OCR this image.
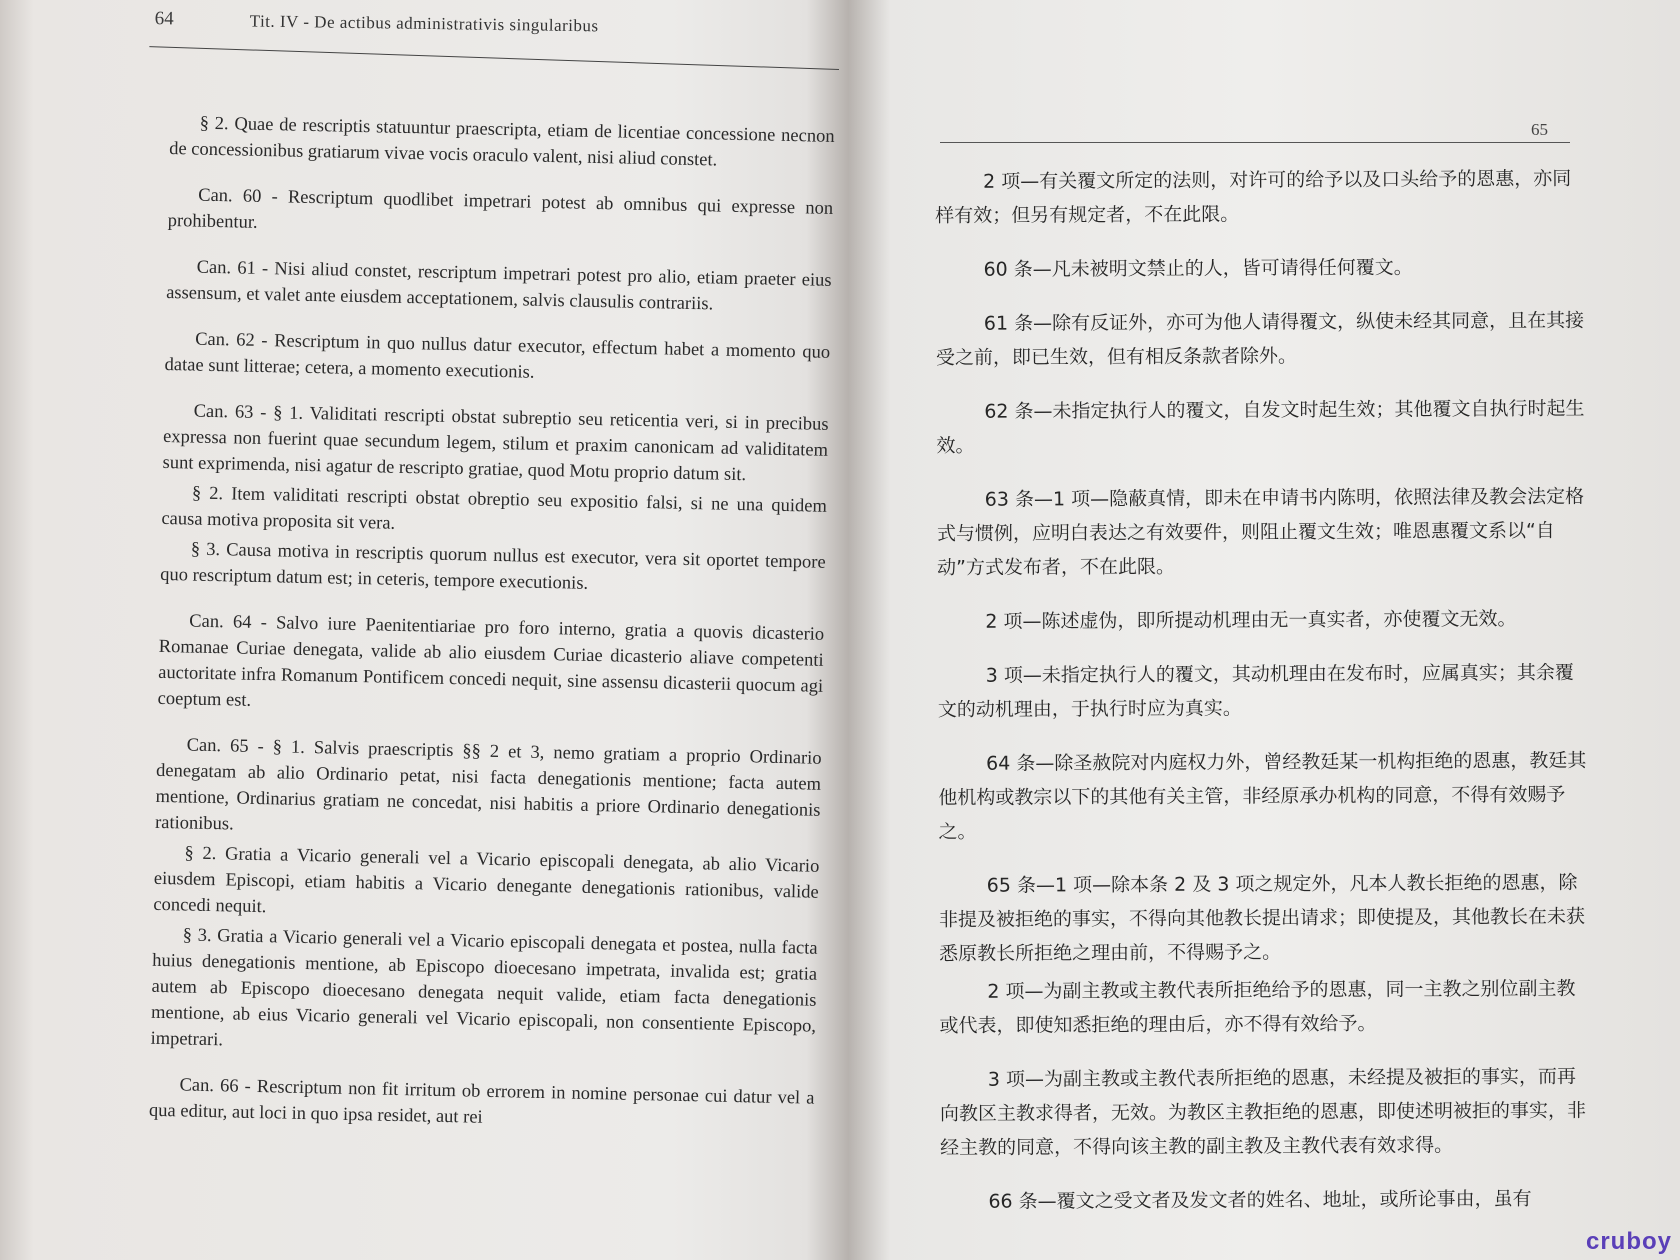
64	Tit. IV - De actibus administrativis singularibus

§ 2. Quae de rescriptis statuuntur praescripta, etiam de licentiae concessione necnon de concessionibus gratiarum vivae vocis oraculo valent, nisi aliud constet.

Can. 60 - Rescriptum quodlibet impetrari potest ab omnibus qui expresse non prohibentur.

Can. 61 - Nisi aliud constet, rescriptum impetrari potest pro alio, etiam praeter eius assensum, et valet ante eiusdem acceptationem, salvis clausulis contrariis.

Can. 62 - Rescriptum in quo nullus datur executor, effectum habet a momento quo datae sunt litterae; cetera, a momento executionis.

Can. 63 - § 1. Validitati rescripti obstat subreptio seu reticentia veri, si in precibus expressa non fuerint quae secundum legem, stilum et praxim canonicam ad validitatem sunt exprimenda, nisi agatur de rescripto gratiae, quod Motu proprio datum sit.

§ 2. Item validitati rescripti obstat obreptio seu expositio falsi, si ne una quidem causa motiva proposita sit vera.

§ 3. Causa motiva in rescriptis quorum nullus est executor, vera sit oportet tempore quo rescriptum datum est; in ceteris, tempore executionis.

Can. 64 - Salvo iure Paenitentiariae pro foro interno, gratia a quovis dicasterio Romanae Curiae denegata, valide ab alio eiusdem Curiae dicasterio aliave competenti auctoritate infra Romanum Pontificem concedi nequit, sine assensu dicasterii quocum agi coeptum est.

Can. 65 - § 1. Salvis praescriptis §§ 2 et 3, nemo gratiam a proprio Ordinario denegatam ab alio Ordinario petat, nisi facta denegationis mentione; facta autem mentione, Ordinarius gratiam ne concedat, nisi habitis a priore Ordinario denegationis rationibus.

§ 2. Gratia a Vicario generali vel a Vicario episcopali denegata, ab alio Vicario eiusdem Episcopi, etiam habitis a Vicario denegante denegationis rationibus, valide concedi nequit.

§ 3. Gratia a Vicario generali vel a Vicario episcopali denegata et postea, nulla facta huius denegationis mentione, ab Episcopo dioecesano impetrata, invalida est; gratia autem ab Episcopo dioecesano denegata nequit valide, etiam facta denegationis mentione, ab eius Vicario generali vel Vicario episcopali, non consentiente Episcopo, impetrari.

Can. 66 - Rescriptum non fit irritum ob errorem in nomine personae cui datur vel a qua editur, aut loci in quo ipsa residet, aut rei

65

2 项—有关覆文所定的法则，对许可的给予以及口头给予的恩惠，亦同样有效；但另有规定者，不在此限。

60 条—凡未被明文禁止的人，皆可请得任何覆文。

61 条—除有反证外，亦可为他人请得覆文，纵使未经其同意，且在其接受之前，即已生效，但有相反条款者除外。

62 条—未指定执行人的覆文，自发文时起生效；其他覆文自执行时起生效。

63 条—1 项—隐蔽真情，即未在申请书内陈明，依照法律及教会法定格式与惯例，应明白表达之有效要件，则阻止覆文生效；唯恩惠覆文系以“自动”方式发布者，不在此限。

2 项—陈述虚伪，即所提动机理由无一真实者，亦使覆文无效。

3 项—未指定执行人的覆文，其动机理由在发布时，应属真实；其余覆文的动机理由，于执行时应为真实。

64 条—除圣赦院对内庭权力外，曾经教廷某一机构拒绝的恩惠，教廷其他机构或教宗以下的其他有关主管，非经原承办机构的同意，不得有效赐予之。

65 条—1 项—除本条 2 及 3 项之规定外，凡本人教长拒绝的恩惠，除非提及被拒绝的事实，不得向其他教长提出请求；即使提及，其他教长在未获悉原教长所拒绝之理由前，不得赐予之。

2 项—为副主教或主教代表所拒绝给予的恩惠，同一主教之别位副主教或代表，即使知悉拒绝的理由后，亦不得有效给予。

3 项—为副主教或主教代表所拒绝的恩惠，未经提及被拒的事实，而再向教区主教求得者，无效。为教区主教拒绝的恩惠，即使述明被拒的事实，非经主教的同意，不得向该主教的副主教及主教代表有效求得。

66 条—覆文之受文者及发文者的姓名、地址，或所论事由，虽有

cruboy
